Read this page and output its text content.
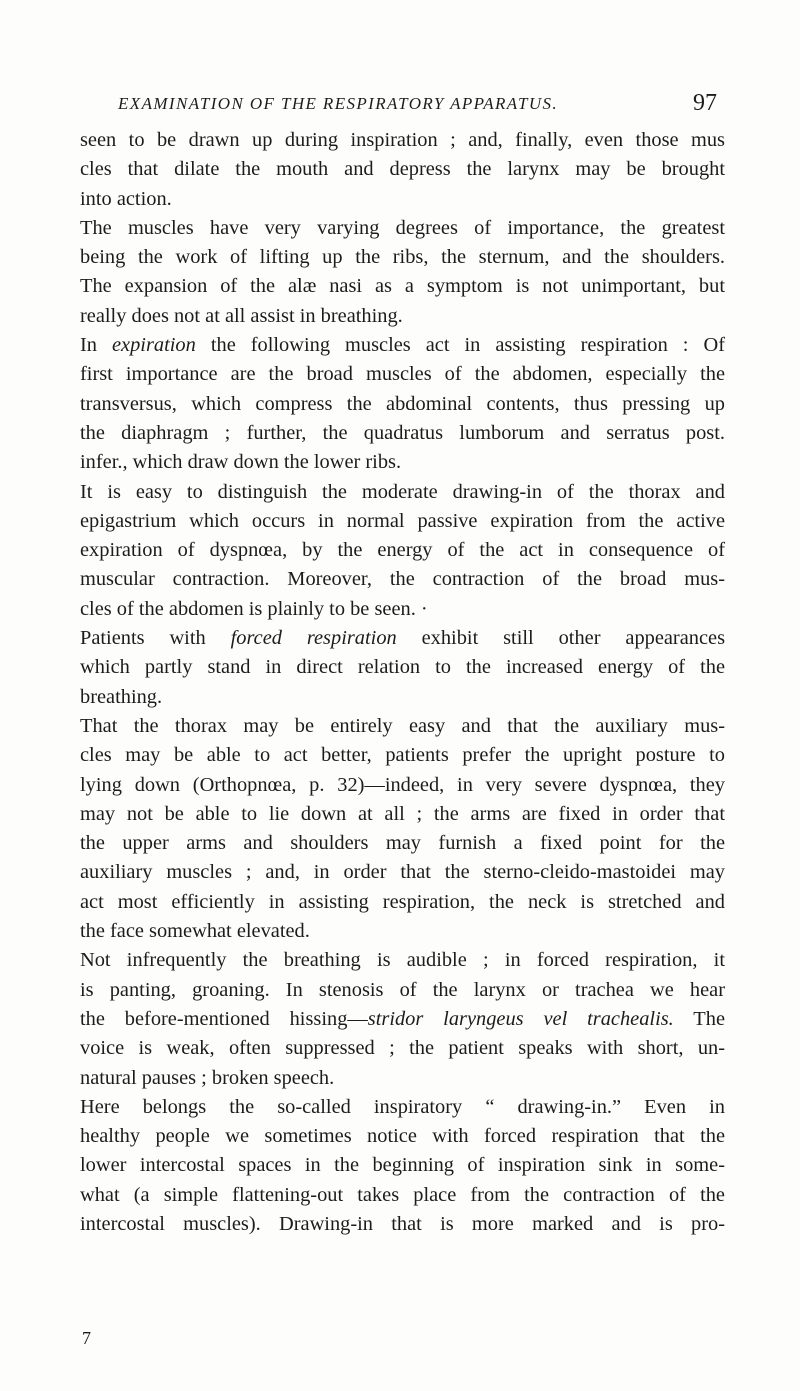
EXAMINATION OF THE RESPIRATORY APPARATUS.	97
seen to be drawn up during inspiration ; and, finally, even those mus
cles that dilate the mouth and depress the larynx may be brought
into action.
The muscles have very varying degrees of importance, the greatest
being the work of lifting up the ribs, the sternum, and the shoulders.
The expansion of the alæ nasi as a symptom is not unimportant, but
really does not at all assist in breathing.
In expiration the following muscles act in assisting respiration : Of
first importance are the broad muscles of the abdomen, especially the
transversus, which compress the abdominal contents, thus pressing up
the diaphragm ; further, the quadratus lumborum and serratus post.
infer., which draw down the lower ribs.
It is easy to distinguish the moderate drawing-in of the thorax and
epigastrium which occurs in normal passive expiration from the active
expiration of dyspnœa, by the energy of the act in consequence of
muscular contraction. Moreover, the contraction of the broad mus-
cles of the abdomen is plainly to be seen. ·
Patients with forced respiration exhibit still other appearances
which partly stand in direct relation to the increased energy of the
breathing.
That the thorax may be entirely easy and that the auxiliary mus-
cles may be able to act better, patients prefer the upright posture to
lying down (Orthopnœa, p. 32)—indeed, in very severe dyspnœa, they
may not be able to lie down at all ; the arms are fixed in order that
the upper arms and shoulders may furnish a fixed point for the
auxiliary muscles ; and, in order that the sterno-cleido-mastoidei may
act most efficiently in assisting respiration, the neck is stretched and
the face somewhat elevated.
Not infrequently the breathing is audible ; in forced respiration, it
is panting, groaning. In stenosis of the larynx or trachea we hear
the before-mentioned hissing—stridor laryngeus vel trachealis. The
voice is weak, often suppressed ; the patient speaks with short, un-
natural pauses ; broken speech.
Here belongs the so-called inspiratory “ drawing-in.” Even in
healthy people we sometimes notice with forced respiration that the
lower intercostal spaces in the beginning of inspiration sink in some-
what (a simple flattening-out takes place from the contraction of the
intercostal muscles). Drawing-in that is more marked and is pro-
7
